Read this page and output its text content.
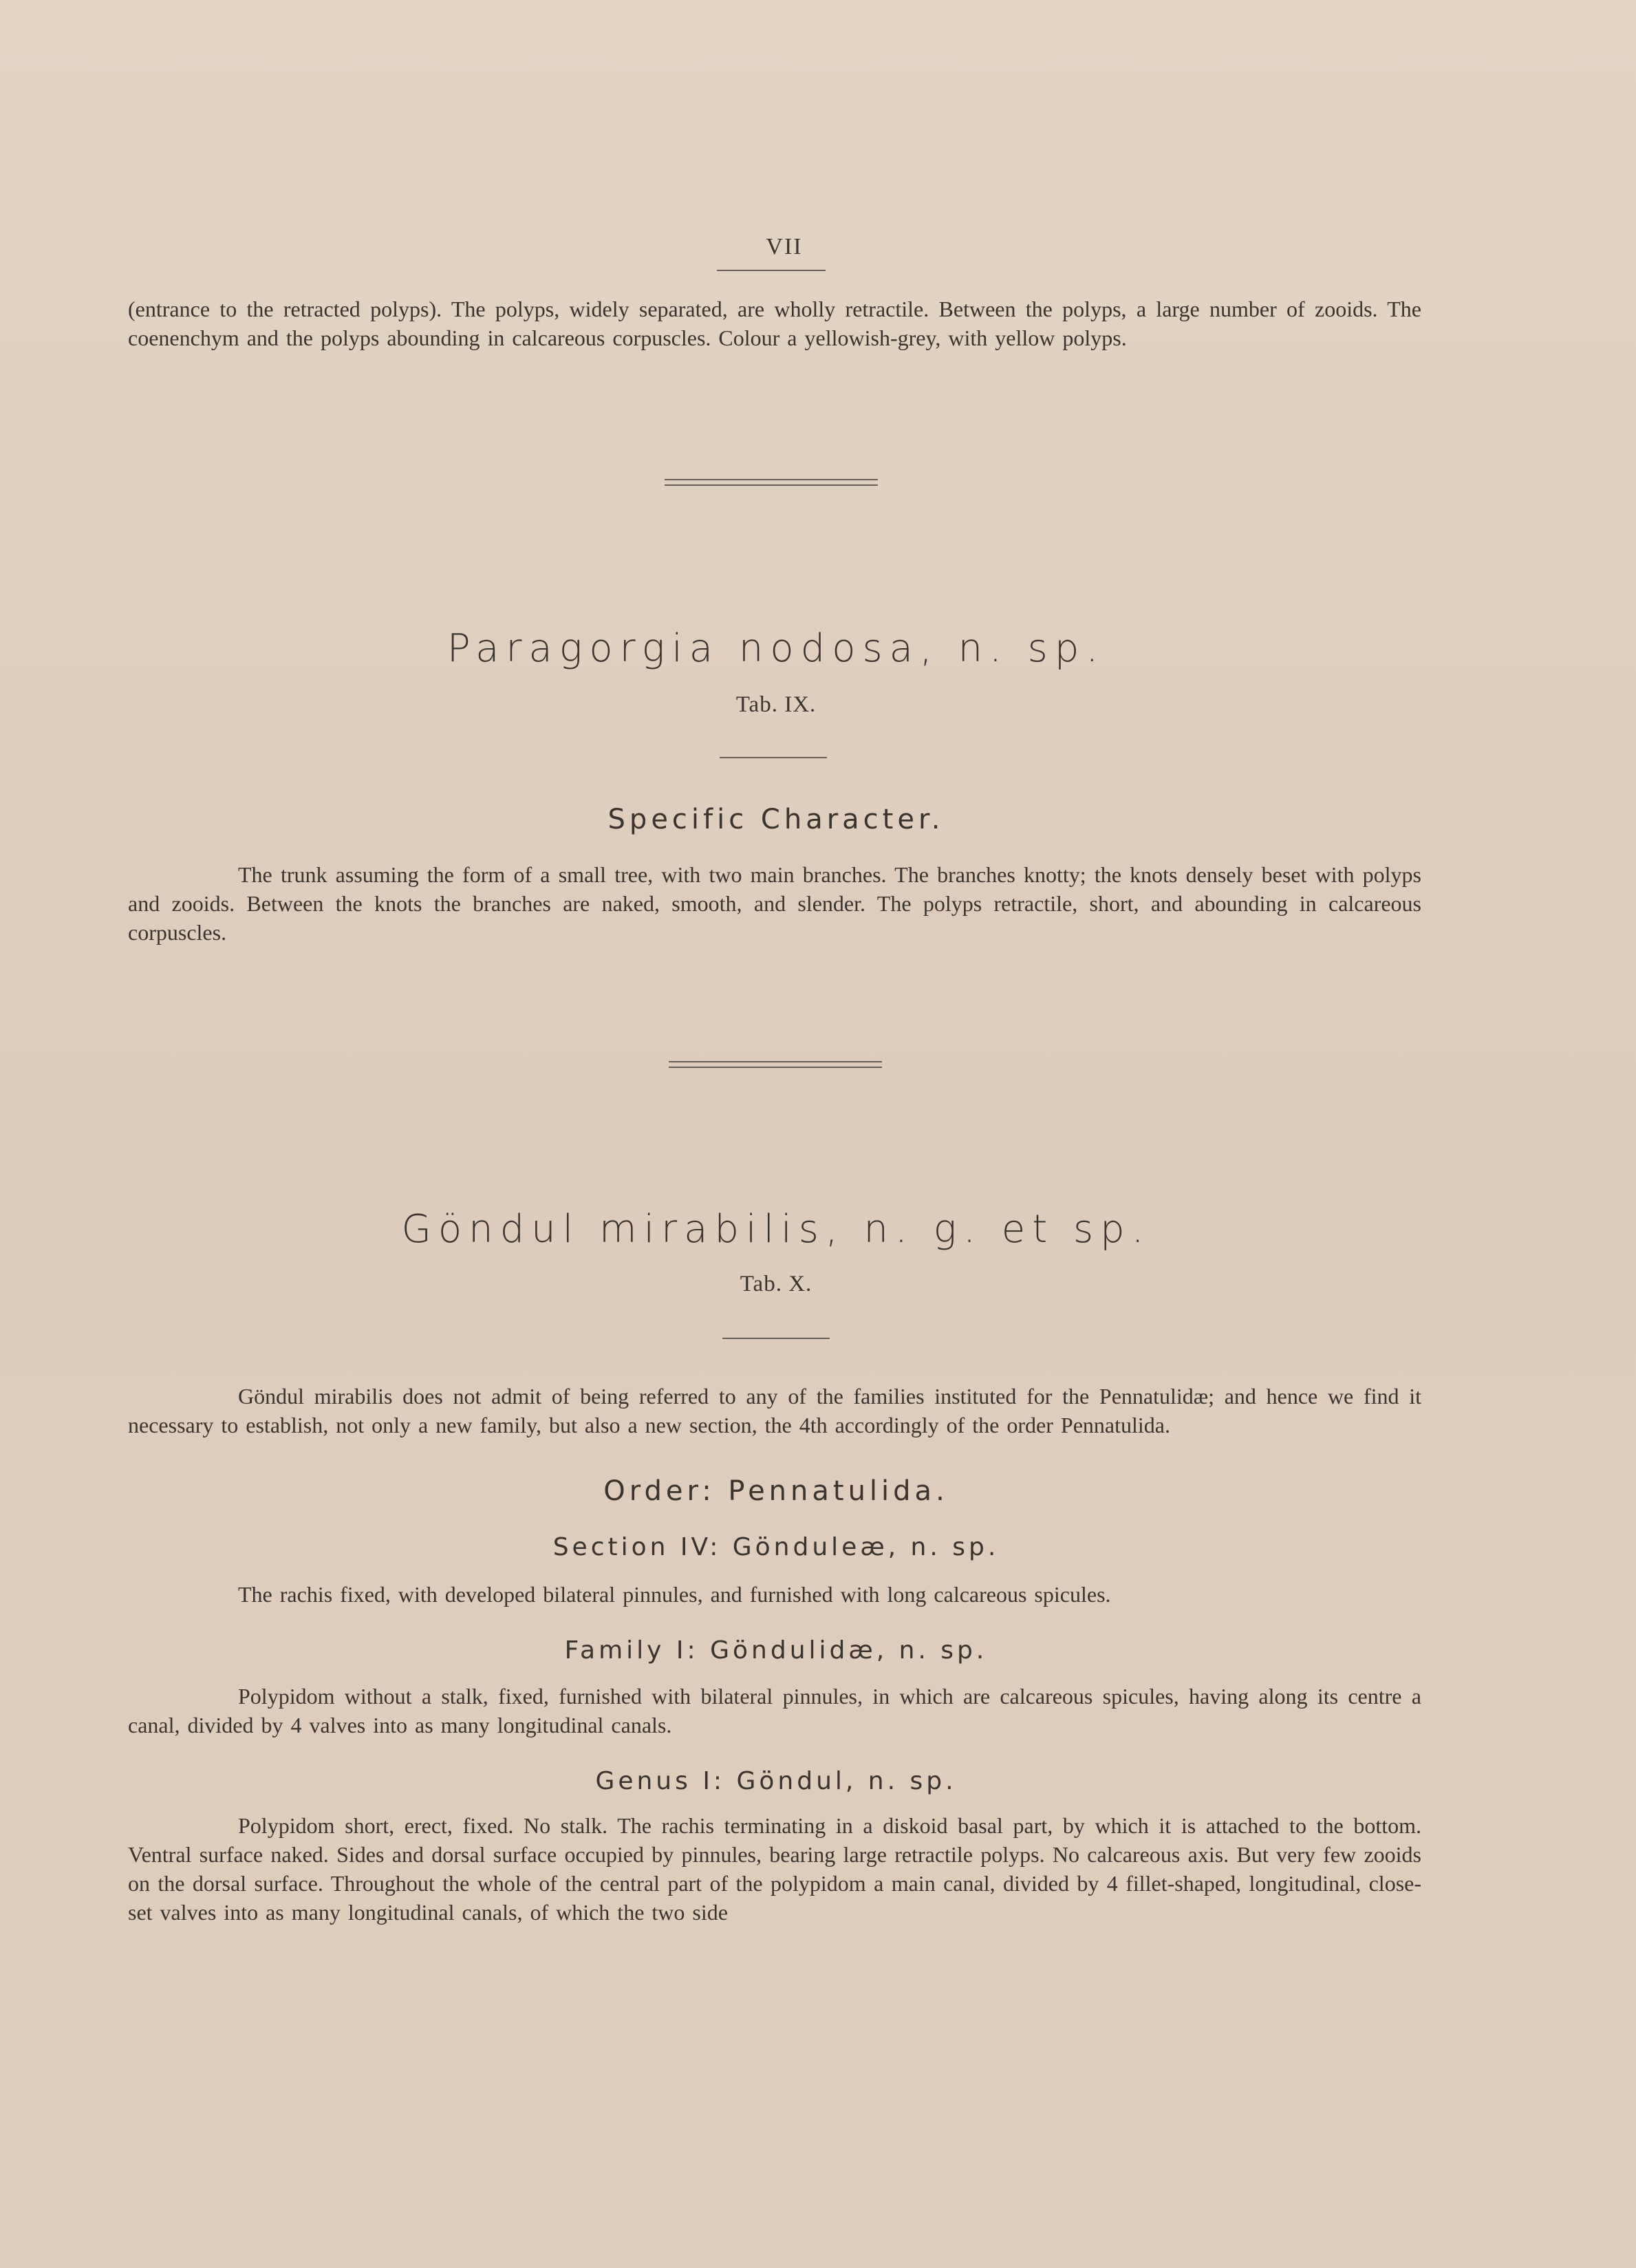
VII
(entrance to the retracted polyps). The polyps, widely separated, are wholly retractile. Between the polyps, a large number of zooids. The coenenchym and the polyps abounding in calcareous corpuscles. Colour a yellowish-grey, with yellow polyps.
Paragorgia nodosa, n. sp.
Tab. IX.
Specific Character.
The trunk assuming the form of a small tree, with two main branches. The branches knotty; the knots densely beset with polyps and zooids. Between the knots the branches are naked, smooth, and slender. The polyps retractile, short, and abounding in calcareous corpuscles.
Göndul mirabilis, n. g. et sp.
Tab. X.
Göndul mirabilis does not admit of being referred to any of the families instituted for the Pennatulidæ; and hence we find it necessary to establish, not only a new family, but also a new section, the 4th accordingly of the order Pennatulida.
Order: Pennatulida.
Section IV: Gönduleæ, n. sp.
The rachis fixed, with developed bilateral pinnules, and furnished with long calcareous spicules.
Family I: Göndulidæ, n. sp.
Polypidom without a stalk, fixed, furnished with bilateral pinnules, in which are calcareous spicules, having along its centre a canal, divided by 4 valves into as many longitudinal canals.
Genus I: Göndul, n. sp.
Polypidom short, erect, fixed. No stalk. The rachis terminating in a diskoid basal part, by which it is attached to the bottom. Ventral surface naked. Sides and dorsal surface occupied by pinnules, bearing large retractile polyps. No calcareous axis. But very few zooids on the dorsal surface. Throughout the whole of the central part of the polypidom a main canal, divided by 4 fillet-shaped, longitudinal, close-set valves into as many longitudinal canals, of which the two side
